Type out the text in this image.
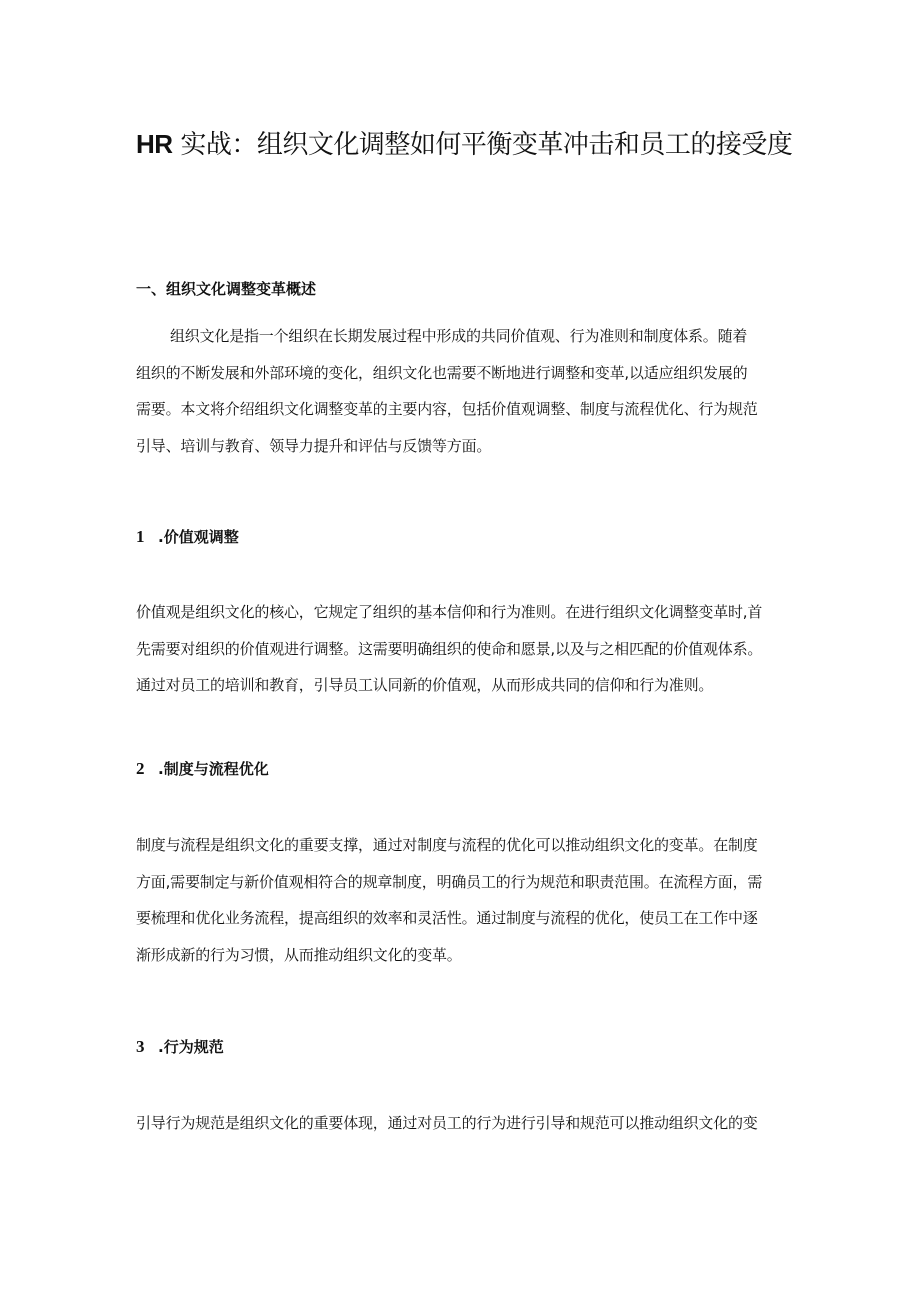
HR 实战：组织文化调整如何平衡变革冲击和员工的接受度
一、组织文化调整变革概述
组织文化是指一个组织在长期发展过程中形成的共同价值观、行为准则和制度体系。随着
组织的不断发展和外部环境的变化，组织文化也需要不断地进行调整和变革,以适应组织发展的
需要。本文将介绍组织文化调整变革的主要内容，包括价值观调整、制度与流程优化、行为规范
引导、培训与教育、领导力提升和评估与反馈等方面。
1 .价值观调整
价值观是组织文化的核心，它规定了组织的基本信仰和行为准则。在进行组织文化调整变革时,首
先需要对组织的价值观进行调整。这需要明确组织的使命和愿景,以及与之相匹配的价值观体系。
通过对员工的培训和教育，引导员工认同新的价值观，从而形成共同的信仰和行为准则。
2 .制度与流程优化
制度与流程是组织文化的重要支撑，通过对制度与流程的优化可以推动组织文化的变革。在制度
方面,需要制定与新价值观相符合的规章制度，明确员工的行为规范和职责范围。在流程方面，需
要梳理和优化业务流程，提高组织的效率和灵活性。通过制度与流程的优化，使员工在工作中逐
渐形成新的行为习惯，从而推动组织文化的变革。
3 .行为规范
引导行为规范是组织文化的重要体现，通过对员工的行为进行引导和规范可以推动组织文化的变
